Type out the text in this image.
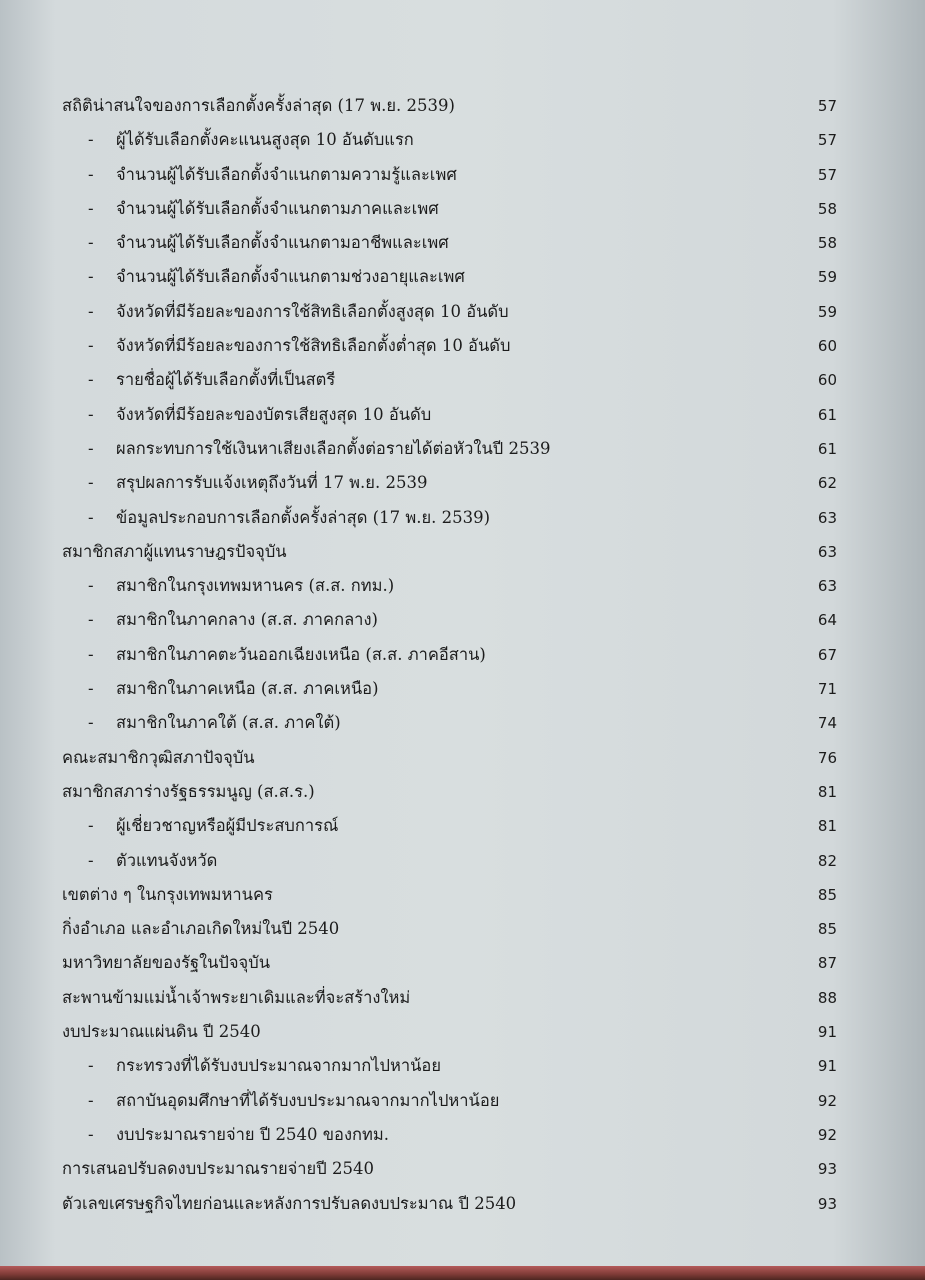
สถิติน่าสนใจของการเลือกตั้งครั้งล่าสุด (17 พ.ย. 2539)	57
- ผู้ได้รับเลือกตั้งคะแนนสูงสุด 10 อันดับแรก	57
- จำนวนผู้ได้รับเลือกตั้งจำแนกตามความรู้และเพศ	57
- จำนวนผู้ได้รับเลือกตั้งจำแนกตามภาคและเพศ	58
- จำนวนผู้ได้รับเลือกตั้งจำแนกตามอาชีพและเพศ	58
- จำนวนผู้ได้รับเลือกตั้งจำแนกตามช่วงอายุและเพศ	59
- จังหวัดที่มีร้อยละของการใช้สิทธิเลือกตั้งสูงสุด 10 อันดับ	59
- จังหวัดที่มีร้อยละของการใช้สิทธิเลือกตั้งต่ำสุด 10 อันดับ	60
- รายชื่อผู้ได้รับเลือกตั้งที่เป็นสตรี	60
- จังหวัดที่มีร้อยละของบัตรเสียสูงสุด 10 อันดับ	61
- ผลกระทบการใช้เงินหาเสียงเลือกตั้งต่อรายได้ต่อหัวในปี 2539	61
- สรุปผลการรับแจ้งเหตุถึงวันที่ 17 พ.ย. 2539	62
- ข้อมูลประกอบการเลือกตั้งครั้งล่าสุด (17 พ.ย. 2539)	63
สมาชิกสภาผู้แทนราษฎรปัจจุบัน	63
- สมาชิกในกรุงเทพมหานคร (ส.ส. กทม.)	63
- สมาชิกในภาคกลาง (ส.ส. ภาคกลาง)	64
- สมาชิกในภาคตะวันออกเฉียงเหนือ (ส.ส. ภาคอีสาน)	67
- สมาชิกในภาคเหนือ (ส.ส. ภาคเหนือ)	71
- สมาชิกในภาคใต้ (ส.ส. ภาคใต้)	74
คณะสมาชิกวุฒิสภาปัจจุบัน	76
สมาชิกสภาร่างรัฐธรรมนูญ (ส.ส.ร.)	81
- ผู้เชี่ยวชาญหรือผู้มีประสบการณ์	81
- ตัวแทนจังหวัด	82
เขตต่าง ๆ ในกรุงเทพมหานคร	85
กิ่งอำเภอ และอำเภอเกิดใหม่ในปี 2540	85
มหาวิทยาลัยของรัฐในปัจจุบัน	87
สะพานข้ามแม่น้ำเจ้าพระยาเดิมและที่จะสร้างใหม่	88
งบประมาณแผ่นดิน ปี 2540	91
- กระทรวงที่ได้รับงบประมาณจากมากไปหาน้อย	91
- สถาบันอุดมศึกษาที่ได้รับงบประมาณจากมากไปหาน้อย	92
- งบประมาณรายจ่าย ปี 2540 ของกทม.	92
การเสนอปรับลดงบประมาณรายจ่ายปี 2540	93
ตัวเลขเศรษฐกิจไทยก่อนและหลังการปรับลดงบประมาณ ปี 2540	93
